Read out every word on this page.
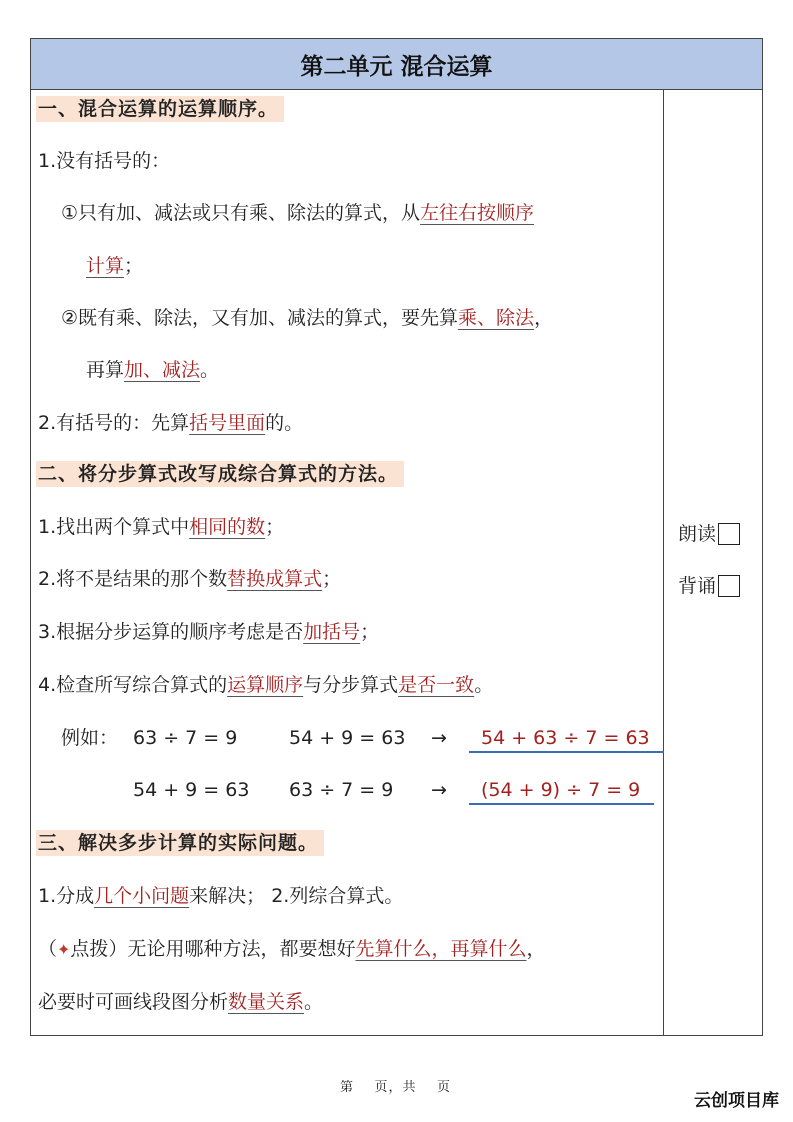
第二单元 混合运算
一、混合运算的运算顺序。
1.没有括号的：
①只有加、减法或只有乘、除法的算式，从左往右按顺序
计算；
②既有乘、除法，又有加、减法的算式，要先算乘、除法，
再算加、减法。
2.有括号的：先算括号里面的。
二、将分步算式改写成综合算式的方法。
1.找出两个算式中相同的数；
2.将不是结果的那个数替换成算式；
3.根据分步运算的顺序考虑是否加括号；
4.检查所写综合算式的运算顺序与分步算式是否一致。
例如： 63 ÷ 7 = 9	54 + 9 = 63 →	54 + 63 ÷ 7 = 63
54 + 9 = 63 63 ÷ 7 = 9 →	(54 + 9) ÷ 7 = 9
三、解决多步计算的实际问题。
1.分成几个小问题来解决； 2.列综合算式。
（✦点拨）无论用哪种方法，都要想好先算什么，再算什么，
必要时可画线段图分析数量关系。
朗读
背诵
第    页，共    页
云创项目库
